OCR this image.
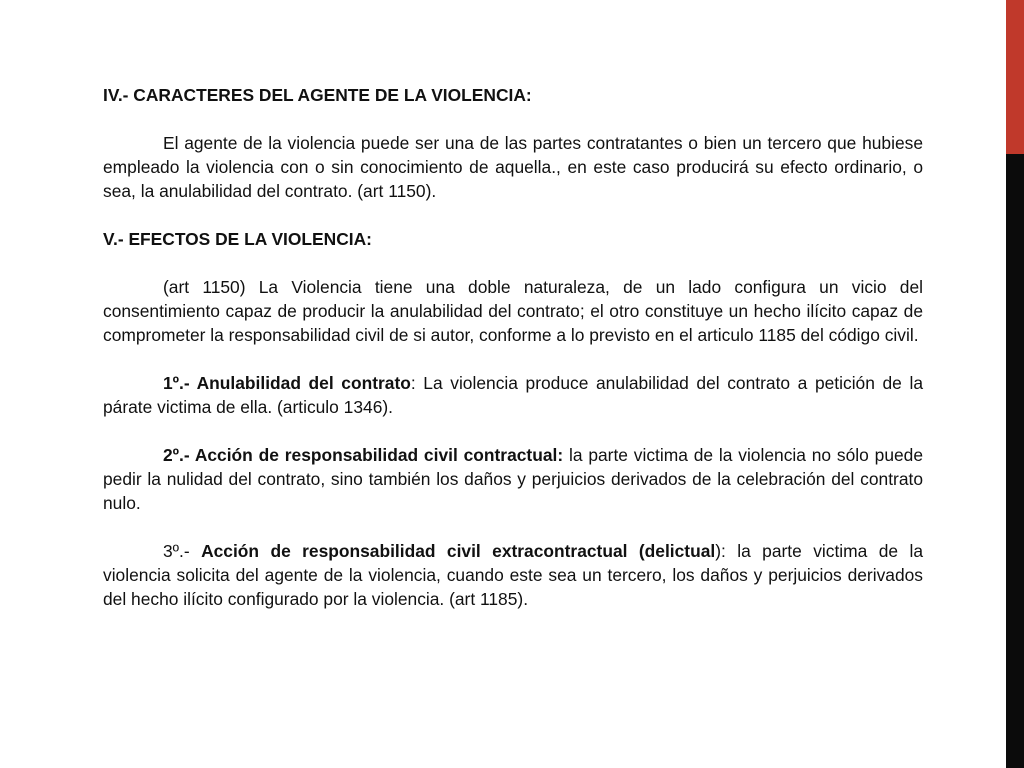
IV.- CARACTERES DEL AGENTE DE LA VIOLENCIA:

El agente de la violencia puede ser una de las partes contratantes o bien un tercero que hubiese empleado la violencia con o sin conocimiento de aquella., en este caso producirá su efecto ordinario, o sea, la anulabilidad del contrato. (art 1150).

V.- EFECTOS DE LA VIOLENCIA:

(art 1150) La Violencia tiene una doble naturaleza, de un lado configura un vicio del consentimiento capaz de producir la anulabilidad del contrato; el otro constituye un hecho ilícito capaz de comprometer la responsabilidad civil de si autor, conforme a lo previsto en el articulo 1185 del código civil.

1º.- Anulabilidad del contrato: La violencia produce anulabilidad del contrato a petición de la párate victima de ella. (articulo 1346).

2º.- Acción de responsabilidad civil contractual: la parte victima de la violencia no sólo puede pedir la nulidad del contrato, sino también los daños y perjuicios derivados de la celebración del contrato nulo.

3º.- Acción de responsabilidad civil extracontractual (delictual): la parte victima de la violencia solicita del agente de la violencia, cuando este sea un tercero, los daños y perjuicios derivados del hecho ilícito configurado por la violencia. (art 1185).
